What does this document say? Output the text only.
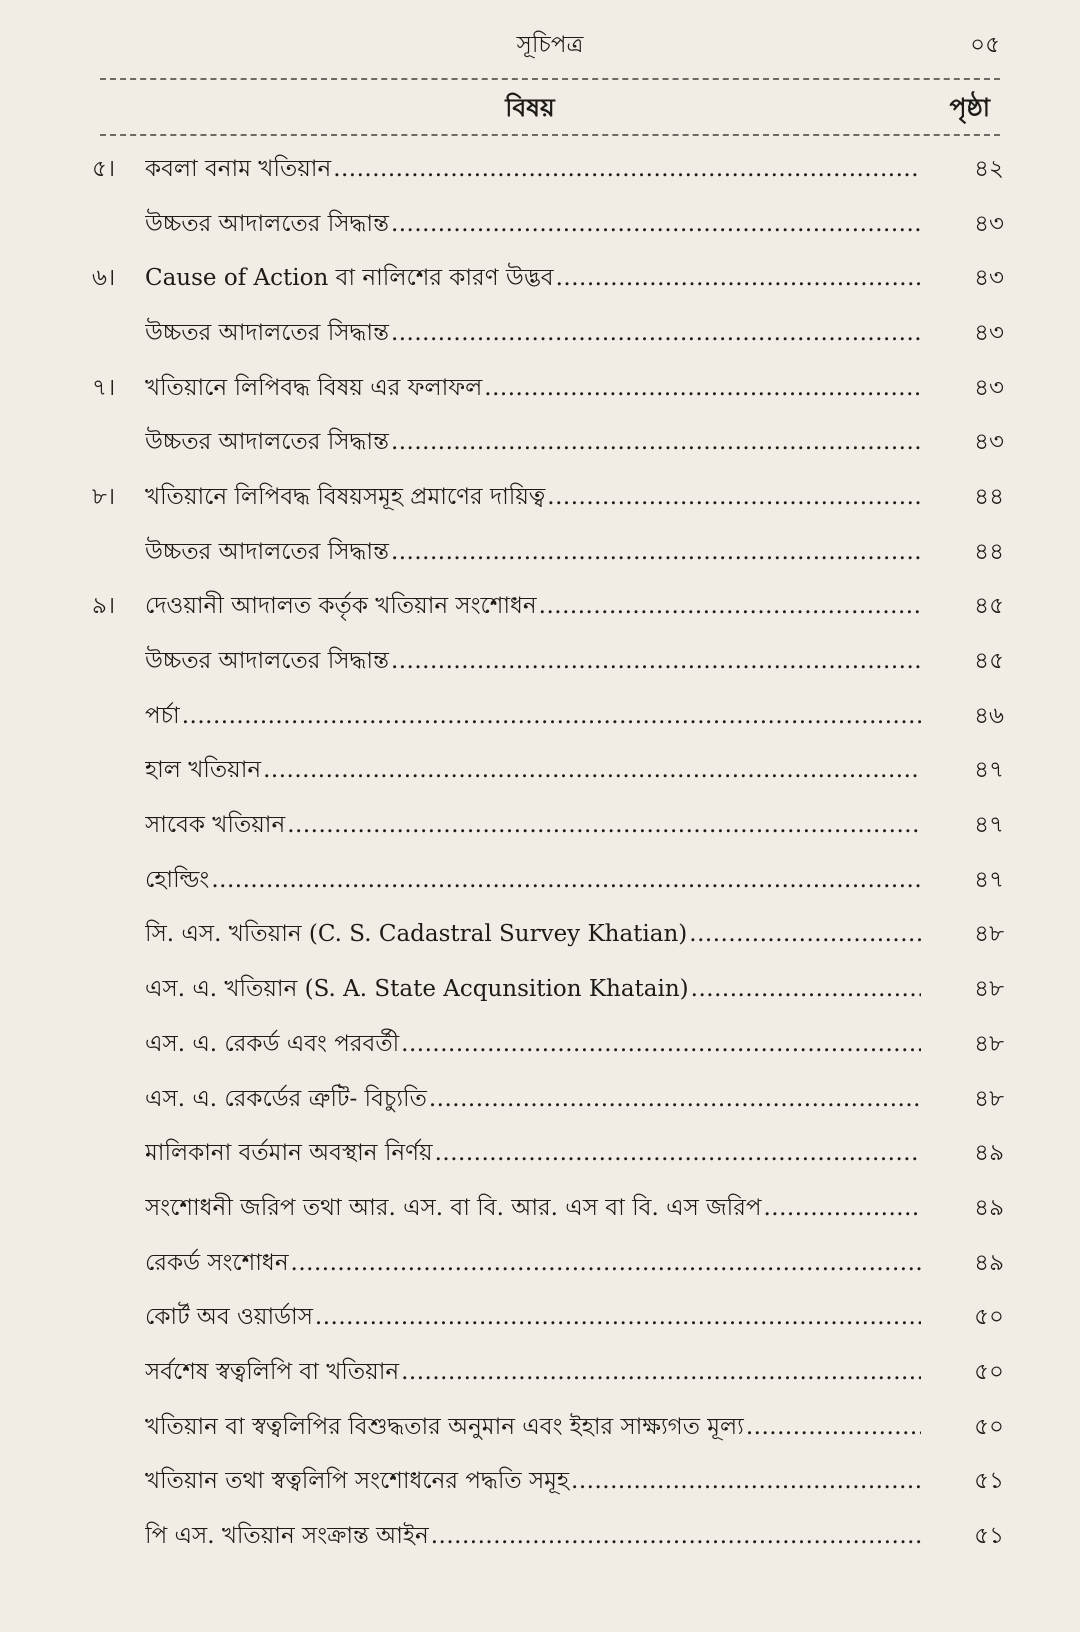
সূচিপত্র	০৫
বিষয়	পৃষ্ঠা
৫।	কবলা বনাম খতিয়ান .....	৪২
উচ্চতর আদালতের সিদ্ধান্ত .....	৪৩
৬।	Cause of Action বা নালিশের কারণ উদ্ভব .....	৪৩
উচ্চতর আদালতের সিদ্ধান্ত .....	৪৩
৭।	খতিয়ানে লিপিবদ্ধ বিষয় এর ফলাফল .....	৪৩
উচ্চতর আদালতের সিদ্ধান্ত .....	৪৩
৮।	খতিয়ানে লিপিবদ্ধ বিষয়সমূহ প্রমাণের দায়িত্ব .....	৪৪
উচ্চতর আদালতের সিদ্ধান্ত .....	৪৪
৯।	দেওয়ানী আদালত কর্তৃক খতিয়ান সংশোধন .....	৪৫
উচ্চতর আদালতের সিদ্ধান্ত .....	৪৫
পর্চা .....	৪৬
হাল খতিয়ান .....	৪৭
সাবেক খতিয়ান .....	৪৭
হোল্ডিং .....	৪৭
সি. এস. খতিয়ান (C. S. Cadastral Survey Khatian) .....	৪৮
এস. এ. খতিয়ান (S. A. State Acqunsition Khatain) .....	৪৮
এস. এ. রেকর্ড এবং পরবর্তী .....	৪৮
এস. এ. রেকর্ডের ত্রুটি- বিচ্যুতি .....	৪৮
মালিকানা বর্তমান অবস্থান নির্ণয় .....	৪৯
সংশোধনী জরিপ তথা আর. এস. বা বি. আর. এস বা বি. এস জরিপ .....	৪৯
রেকর্ড সংশোধন .....	৪৯
কোর্ট অব ওয়ার্ডাস .....	৫০
সর্বশেষ স্বত্বলিপি বা খতিয়ান .....	৫০
খতিয়ান বা স্বত্বলিপির বিশুদ্ধতার অনুমান এবং ইহার সাক্ষ্যগত মূল্য .....	৫০
খতিয়ান তথা স্বত্বলিপি সংশোধনের পদ্ধতি সমূহ .....	৫১
পি এস. খতিয়ান সংক্রান্ত আইন .....	৫১
